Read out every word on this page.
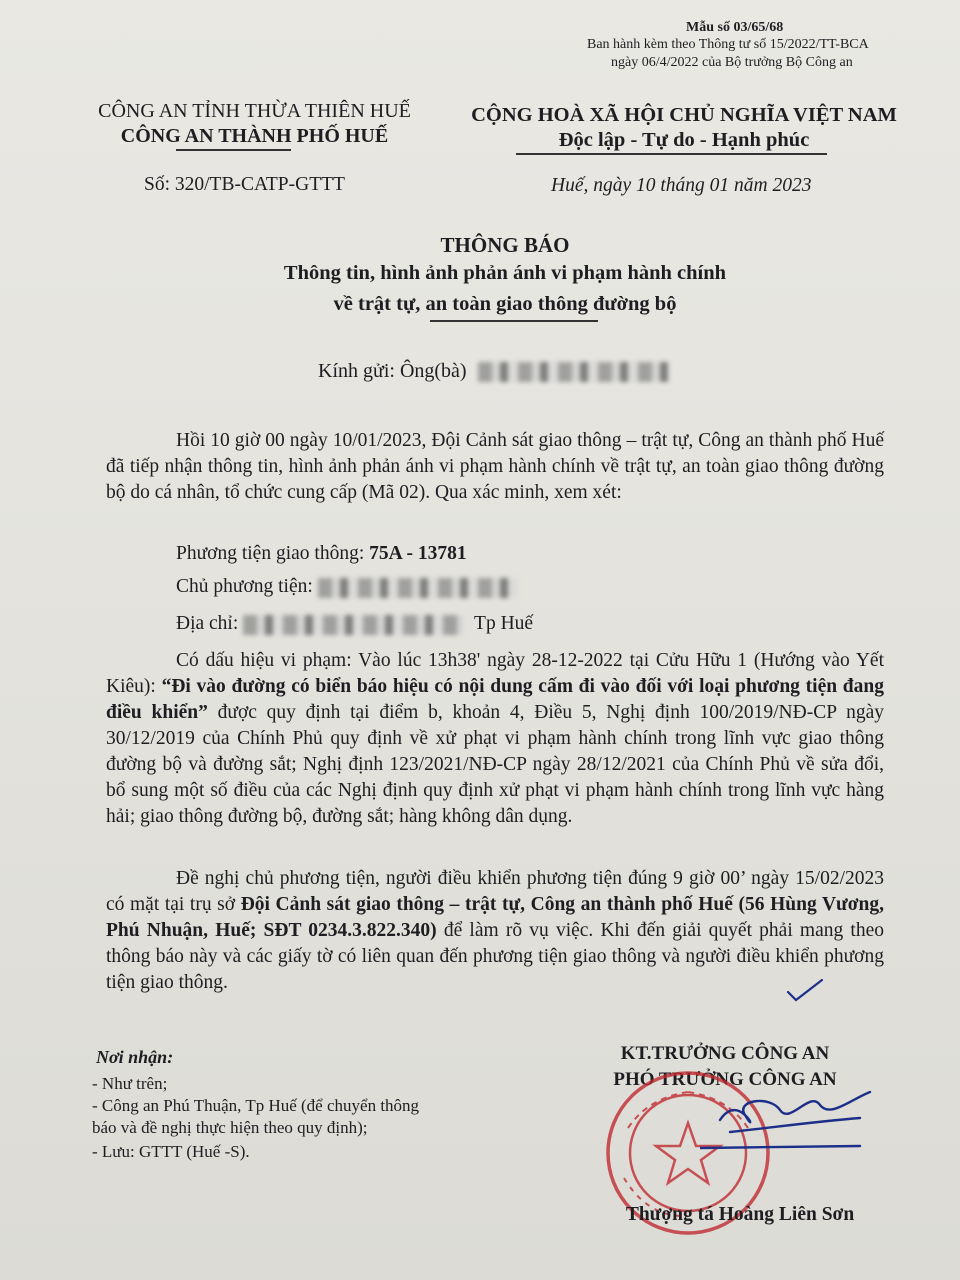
Mẫu số 03/65/68
Ban hành kèm theo Thông tư số 15/2022/TT-BCA
ngày 06/4/2022 của Bộ trưởng Bộ Công an
CÔNG AN TỈNH THỪA THIÊN HUẾ
CÔNG AN THÀNH PHỐ HUẾ
Số: 320/TB-CATP-GTTT
CỘNG HOÀ XÃ HỘI CHỦ NGHĨA VIỆT NAM
Độc lập - Tự do - Hạnh phúc
Huế, ngày 10 tháng 01 năm 2023
THÔNG BÁO
Thông tin, hình ảnh phản ánh vi phạm hành chính
về trật tự, an toàn giao thông đường bộ
Kính gửi: Ông(bà)

Hồi 10 giờ 00 ngày 10/01/2023, Đội Cảnh sát giao thông – trật tự, Công an thành phố Huế đã tiếp nhận thông tin, hình ảnh phản ánh vi phạm hành chính về trật tự, an toàn giao thông đường bộ do cá nhân, tổ chức cung cấp (Mã 02). Qua xác minh, xem xét:

Phương tiện giao thông: 75A - 13781
Chủ phương tiện:
Địa chỉ:	Tp Huế

Có dấu hiệu vi phạm: Vào lúc 13h38' ngày 28-12-2022 tại Cửu Hữu 1 (Hướng vào Yết Kiêu): “Đi vào đường có biển báo hiệu có nội dung cấm đi vào đối với loại phương tiện đang điều khiển” được quy định tại điểm b, khoản 4, Điều 5, Nghị định 100/2019/NĐ-CP ngày 30/12/2019 của Chính Phủ quy định về xử phạt vi phạm hành chính trong lĩnh vực giao thông đường bộ và đường sắt; Nghị định 123/2021/NĐ-CP ngày 28/12/2021 của Chính Phủ về sửa đổi, bổ sung một số điều của các Nghị định quy định xử phạt vi phạm hành chính trong lĩnh vực hàng hải; giao thông đường bộ, đường sắt; hàng không dân dụng.

Đề nghị chủ phương tiện, người điều khiển phương tiện đúng 9 giờ 00’ ngày 15/02/2023 có mặt tại trụ sở Đội Cảnh sát giao thông – trật tự, Công an thành phố Huế (56 Hùng Vương, Phú Nhuận, Huế; SĐT 0234.3.822.340) để làm rõ vụ việc. Khi đến giải quyết phải mang theo thông báo này và các giấy tờ có liên quan đến phương tiện giao thông và người điều khiển phương tiện giao thông.

Nơi nhận:
- Như trên;
- Công an Phú Thuận, Tp Huế (để chuyển thông
báo và đề nghị thực hiện theo quy định);
- Lưu: GTTT (Huế -S).
KT.TRƯỞNG CÔNG AN
PHÓ TRƯỞNG CÔNG AN
Thượng tá Hoàng Liên Sơn
